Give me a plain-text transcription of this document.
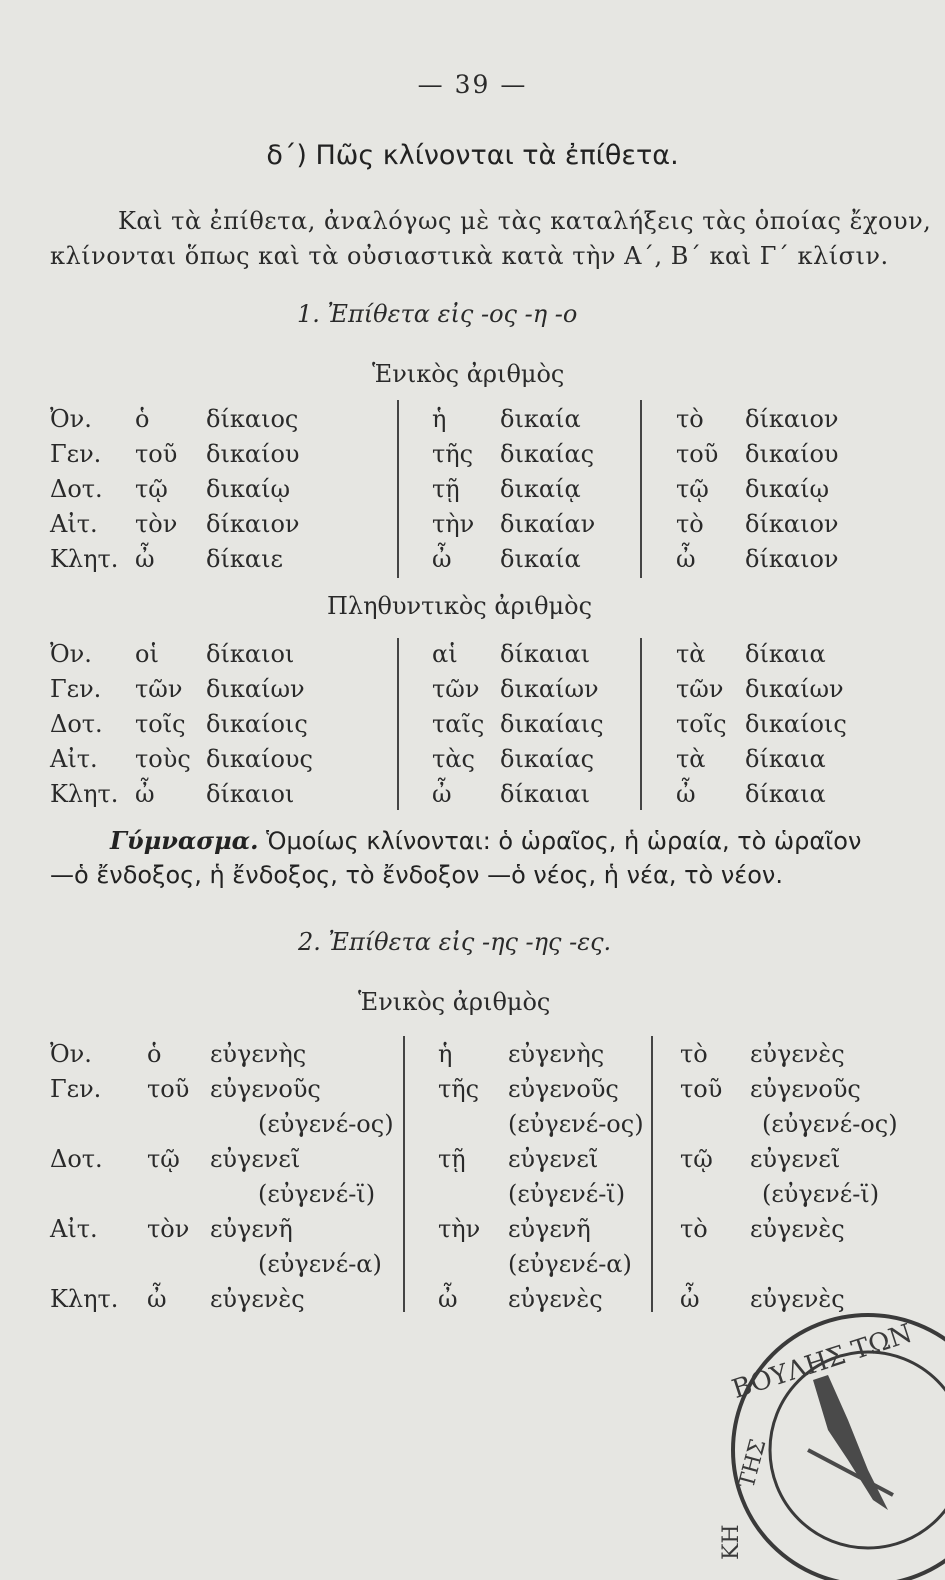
— 39 —
δ΄) Πῶς κλίνονται τὰ ἐπίθετα.
Καὶ τὰ ἐπίθετα, ἀναλόγως μὲ τὰς καταλήξεις τὰς ὁποίας ἔχουν,
κλίνονται ὅπως καὶ τὰ οὐσιαστικὰ κατὰ τὴν Α΄, Β΄ καὶ Γ΄ κλίσιν.
1. Ἐπίθετα εἰς -ος -η -ο
Ἑνικὸς ἀριθμὸς
Ὀν. ὁ δίκαιος	ἡ δικαία	τὸ δίκαιον
Γεν. τοῦ δικαίου	τῆς δικαίας	τοῦ δικαίου
Δοτ. τῷ δικαίῳ	τῇ δικαίᾳ	τῷ δικαίῳ
Αἰτ. τὸν δίκαιον	τὴν δικαίαν	τὸ δίκαιον
Κλητ. ὦ δίκαιε	ὦ δικαία	ὦ δίκαιον
Πληθυντικὸς ἀριθμὸς
Ὀν. οἱ δίκαιοι	αἱ δίκαιαι	τὰ δίκαια
Γεν. τῶν δικαίων	τῶν δικαίων	τῶν δικαίων
Δοτ. τοῖς δικαίοις	ταῖς δικαίαις	τοῖς δικαίοις
Αἰτ. τοὺς δικαίους	τὰς δικαίας	τὰ δίκαια
Κλητ. ὦ δίκαιοι	ὦ δίκαιαι	ὦ δίκαια
Γύμνασμα. Ὁμοίως κλίνονται: ὁ ὡραῖος, ἡ ὡραία, τὸ ὡραῖον
—ὁ ἔνδοξος, ἡ ἔνδοξος, τὸ ἔνδοξον —ὁ νέος, ἡ νέα, τὸ νέον.
2. Ἐπίθετα εἰς -ης -ης -ες.
Ἑνικὸς ἀριθμὸς
Ὀν. ὁ εὐγενὴς	ἡ εὐγενὴς	τὸ εὐγενὲς
Γεν. τοῦ εὐγενοῦς	τῆς εὐγενοῦς	τοῦ εὐγενοῦς
(εὐγενέ-ος)	(εὐγενέ-ος)	(εὐγενέ-ος)
Δοτ. τῷ εὐγενεῖ	τῇ εὐγενεῖ	τῷ εὐγενεῖ
(εὐγενέ-ϊ)	(εὐγενέ-ϊ)	(εὐγενέ-ϊ)
Αἰτ. τὸν εὐγενῆ	τὴν εὐγενῆ	τὸ εὐγενὲς
(εὐγενέ-α)	(εὐγενέ-α)
Κλητ. ὦ εὐγενὲς	ὦ εὐγενὲς	ὦ εὐγενὲς
ΒΟΥΛΗΣ ΤΩΝ
ΤΗΣ
ΚΗ
